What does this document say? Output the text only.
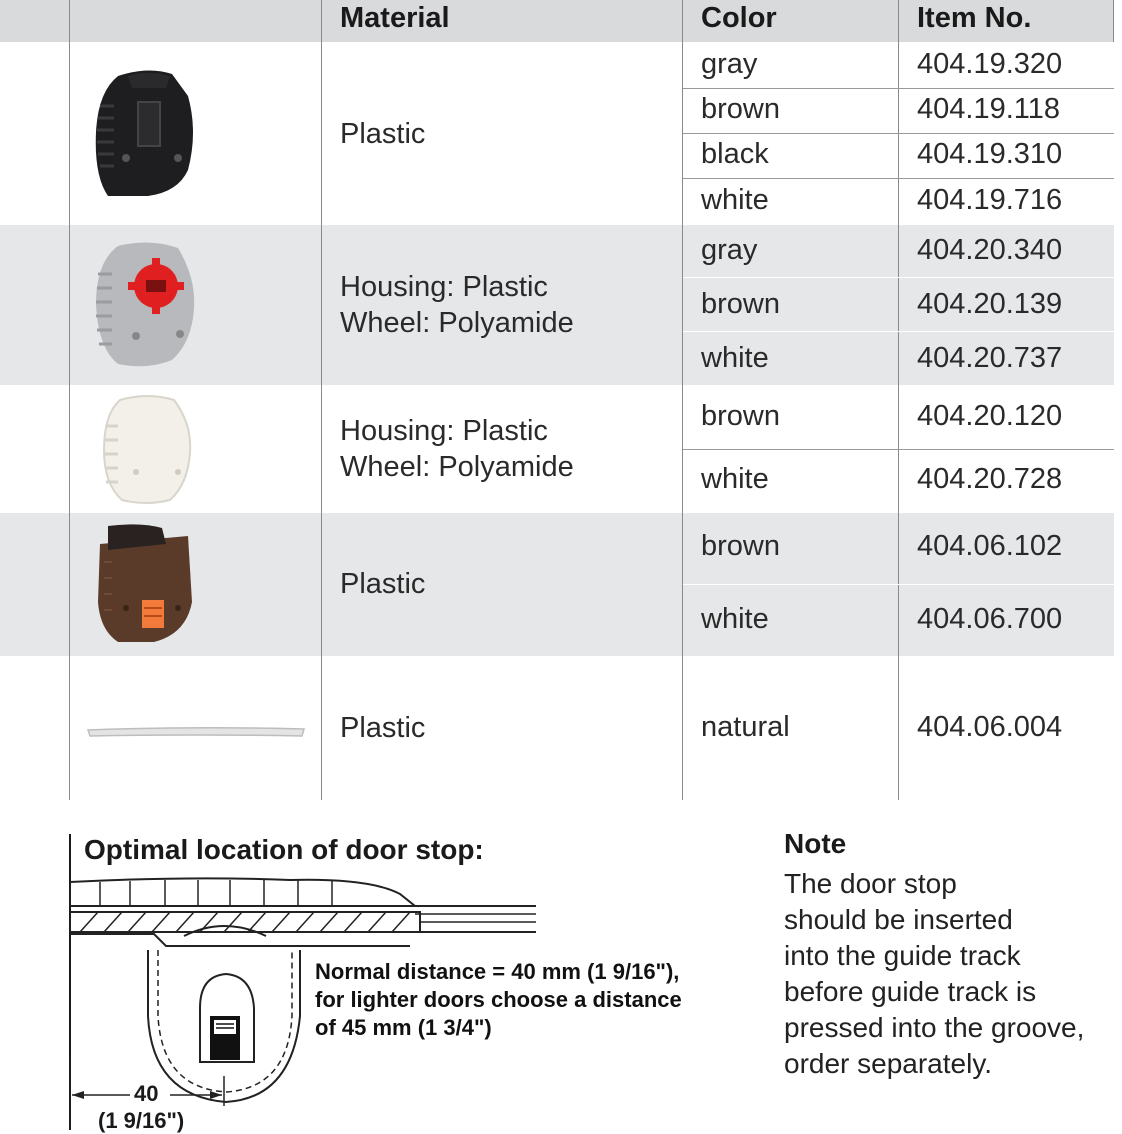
Material	Color	Item No.
Plastic
gray	404.19.320
brown	404.19.118
black	404.19.310
white	404.19.716
Housing: Plastic
Wheel: Polyamide
gray	404.20.340
brown	404.20.139
white	404.20.737
Housing: Plastic
Wheel: Polyamide
brown	404.20.120
white	404.20.728
Plastic
brown	404.06.102
white	404.06.700
Plastic	natural	404.06.004
Optimal location of door stop:
Normal distance = 40 mm (1 9/16"),
for lighter doors choose a distance
of 45 mm (1 3/4")
40
(1 9/16")
Note
The door stop
should be inserted
into the guide track
before guide track is
pressed into the groove,
order separately.
